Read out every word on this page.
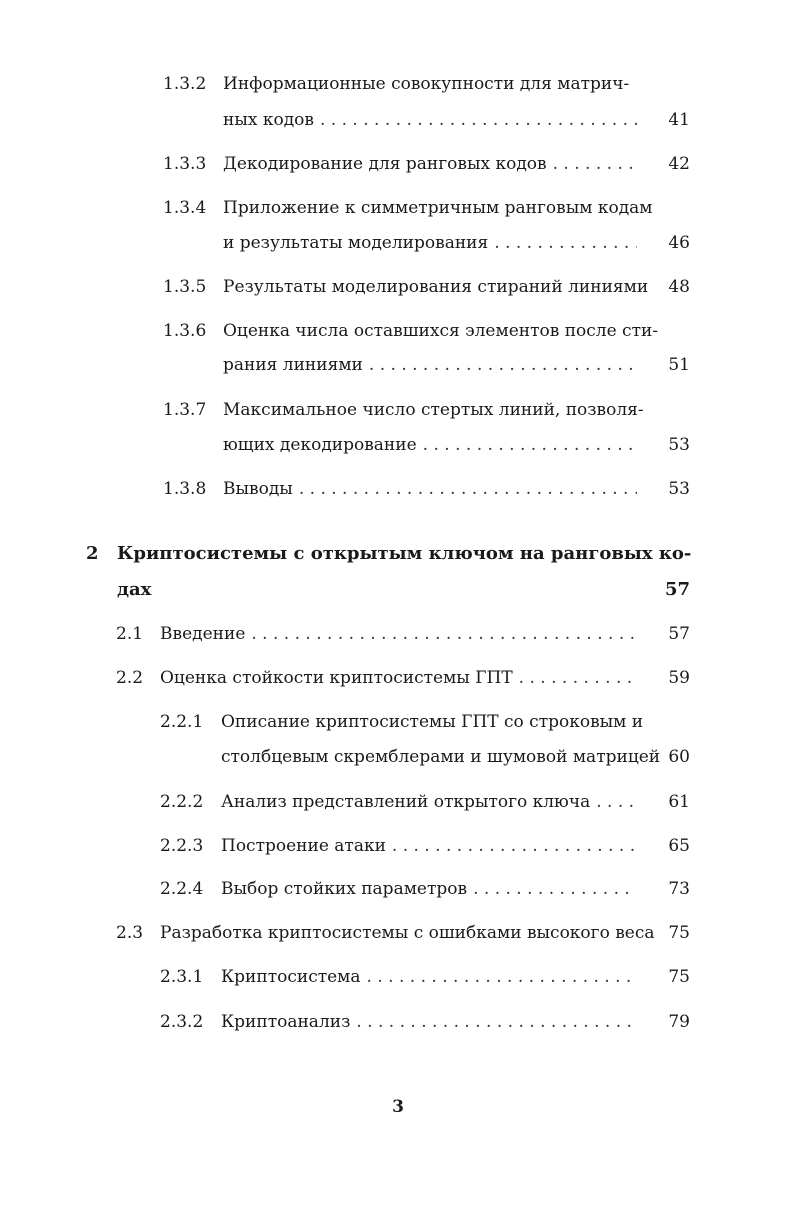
1.3.2 Информационные совокупности для матрич-
ных кодов . . .	41
1.3.3 Декодирование для ранговых кодов . . .	42
1.3.4 Приложение к симметричным ранговым кодам
и результаты моделирования . . .	46
1.3.5 Результаты моделирования стираний линиями	48
1.3.6 Оценка числа оставшихся элементов после сти-
рания линиями . . .	51
1.3.7 Максимальное число стертых линий, позволя-
ющих декодирование . . .	53
1.3.8 Выводы . . .	53
2 Криптосистемы с открытым ключом на ранговых ко-
дах	57
2.1 Введение . . .	57
2.2 Оценка стойкости криптосистемы ГПТ . . .	59
2.2.1 Описание криптосистемы ГПТ со строковым и
столбцевым скремблерами и шумовой матрицей 60
2.2.2 Анализ представлений открытого ключа . . .	61
2.2.3 Построение атаки . . .	65
2.2.4 Выбор стойких параметров . . .	73
2.3 Разработка криптосистемы с ошибками высокого веса 75
2.3.1 Криптосистема . . .	75
2.3.2 Криптоанализ . . .	79
3
